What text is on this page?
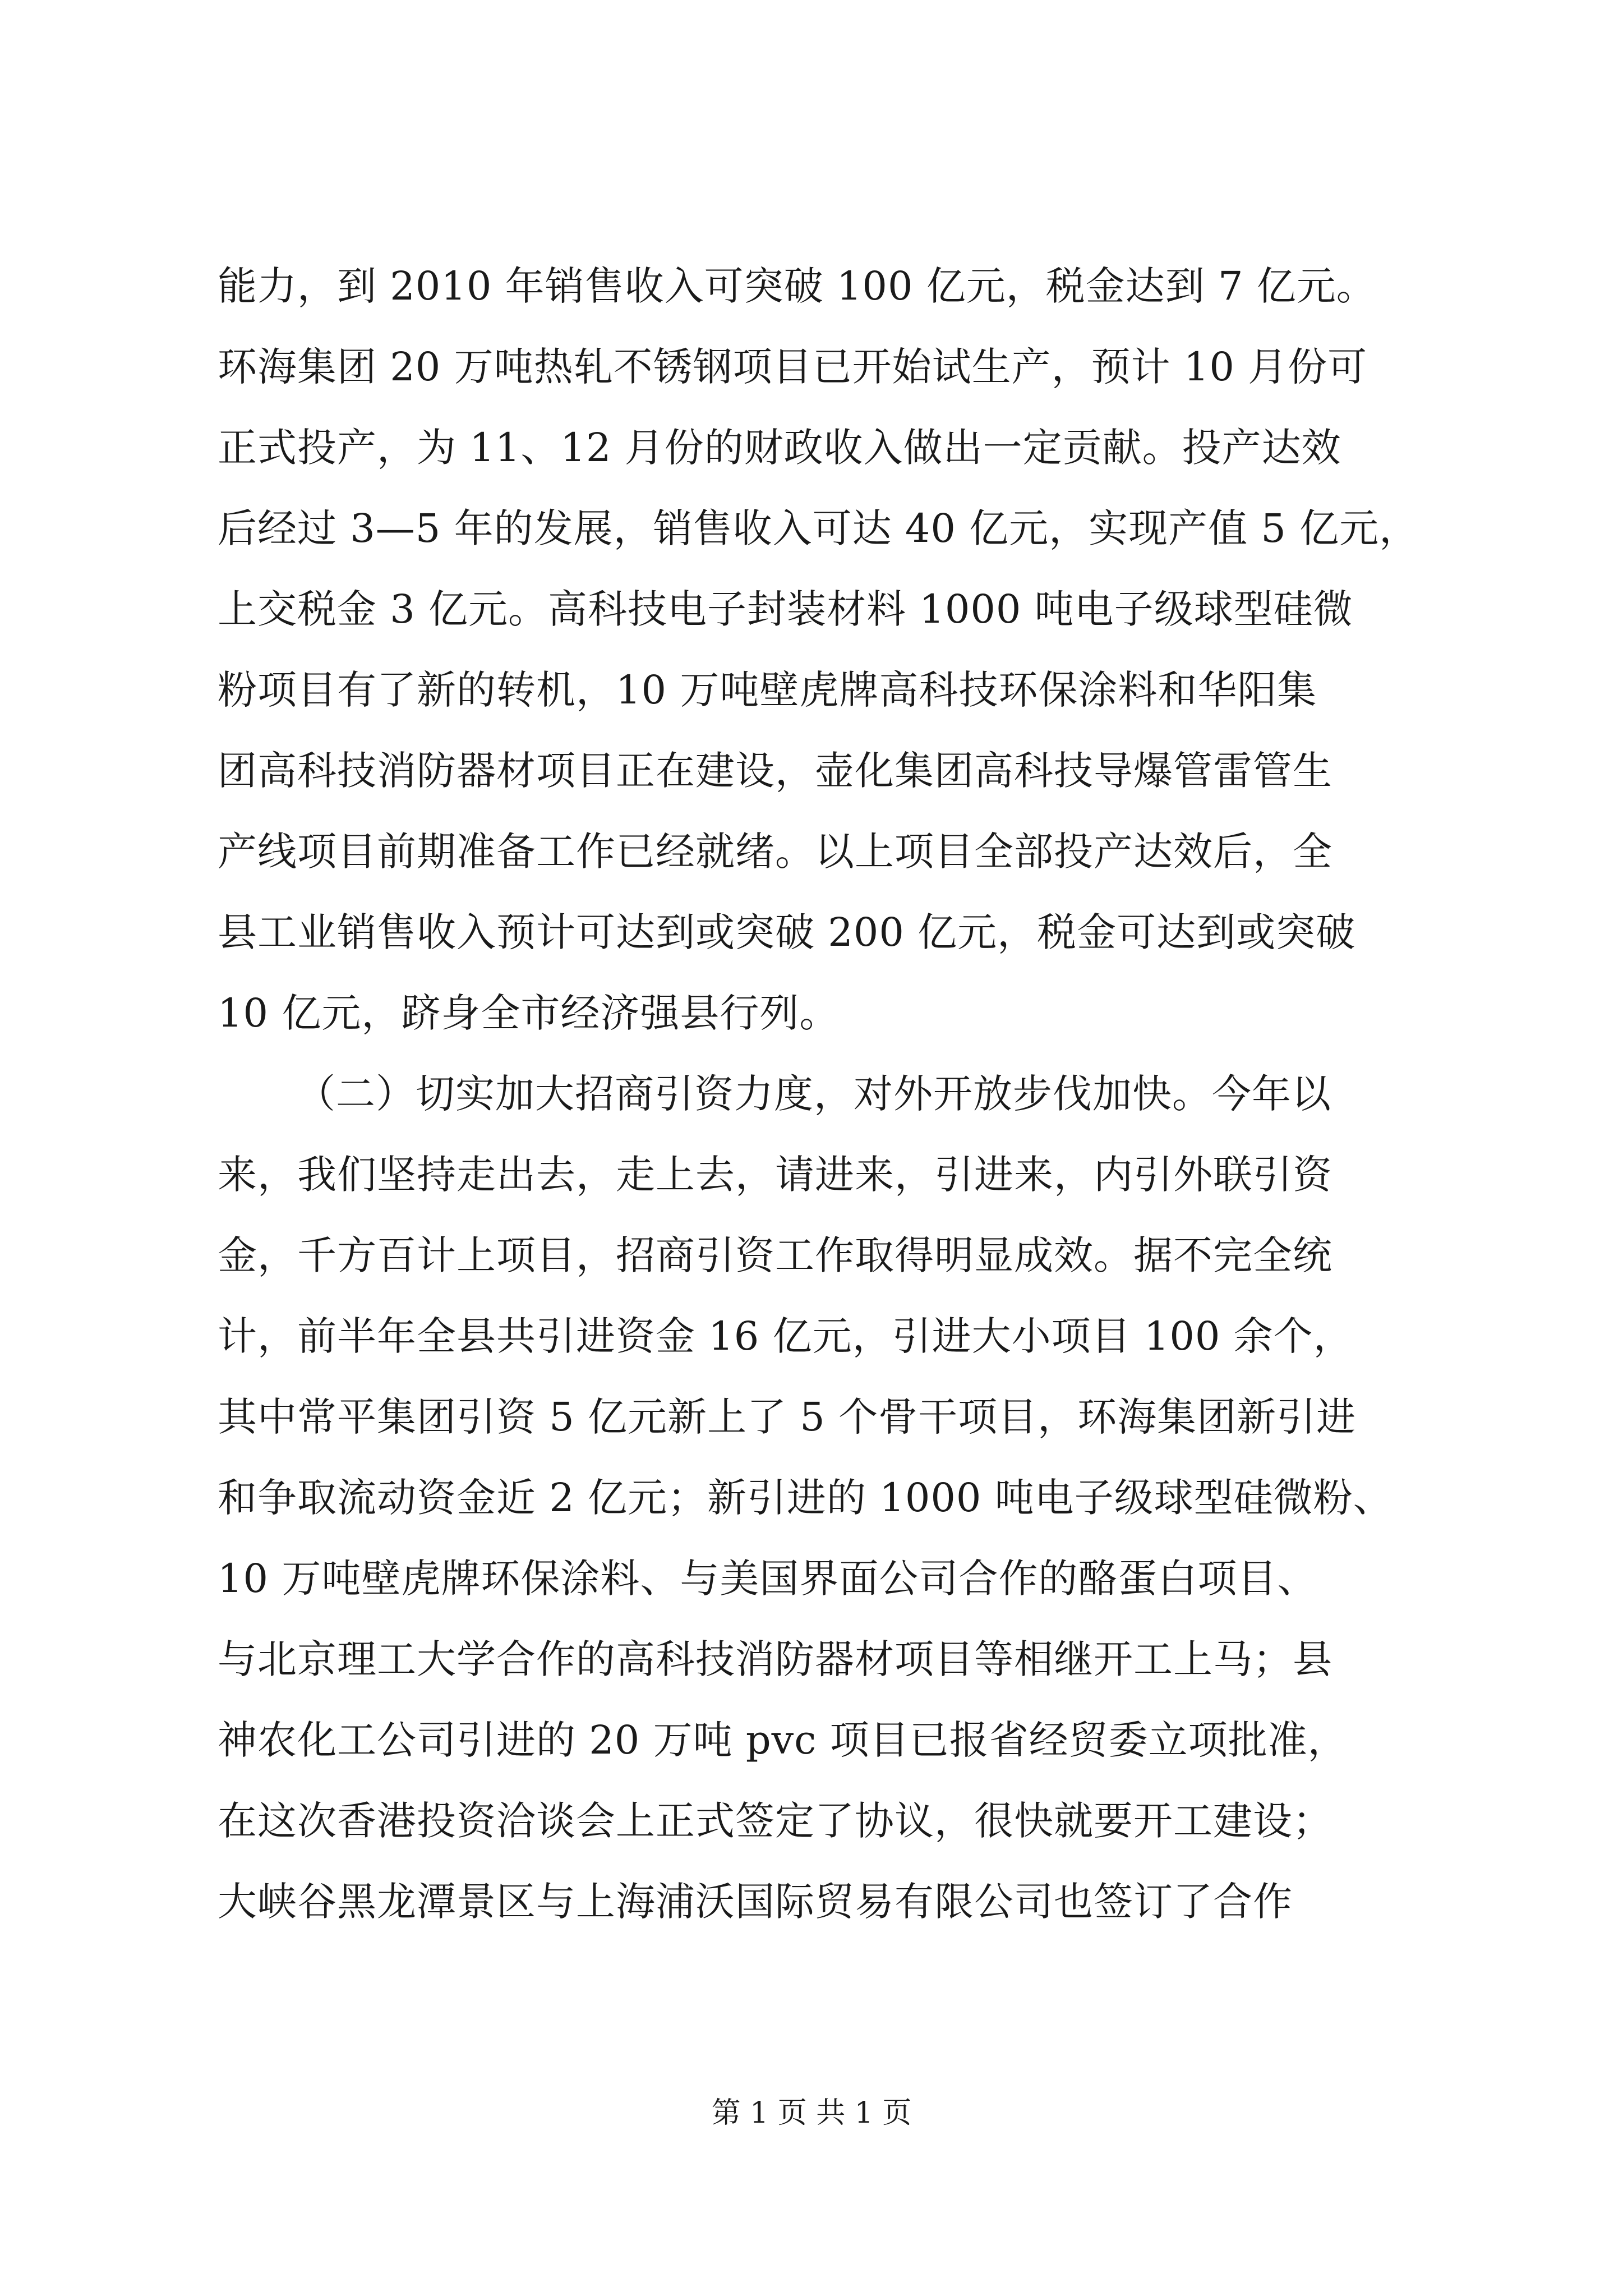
能力，到 2010 年销售收入可突破 100 亿元，税金达到 7 亿元。
环海集团 20 万吨热轧不锈钢项目已开始试生产，预计 10 月份可
正式投产，为 11、12 月份的财政收入做出一定贡献。投产达效
后经过 3—5 年的发展，销售收入可达 40 亿元，实现产值 5 亿元，
上交税金 3 亿元。高科技电子封装材料 1000 吨电子级球型硅微
粉项目有了新的转机，10 万吨壁虎牌高科技环保涂料和华阳集
团高科技消防器材项目正在建设，壶化集团高科技导爆管雷管生
产线项目前期准备工作已经就绪。以上项目全部投产达效后，全
县工业销售收入预计可达到或突破 200 亿元，税金可达到或突破
10 亿元，跻身全市经济强县行列。
（二）切实加大招商引资力度，对外开放步伐加快。今年以
来，我们坚持走出去，走上去，请进来，引进来，内引外联引资
金，千方百计上项目，招商引资工作取得明显成效。据不完全统
计，前半年全县共引进资金 16 亿元，引进大小项目 100 余个，
其中常平集团引资 5 亿元新上了 5 个骨干项目，环海集团新引进
和争取流动资金近 2 亿元；新引进的 1000 吨电子级球型硅微粉、
10 万吨壁虎牌环保涂料、与美国界面公司合作的酪蛋白项目、
与北京理工大学合作的高科技消防器材项目等相继开工上马；县
神农化工公司引进的 20 万吨 pvc 项目已报省经贸委立项批准，
在这次香港投资洽谈会上正式签定了协议，很快就要开工建设；
大峡谷黑龙潭景区与上海浦沃国际贸易有限公司也签订了合作
第 1 页 共 1 页
